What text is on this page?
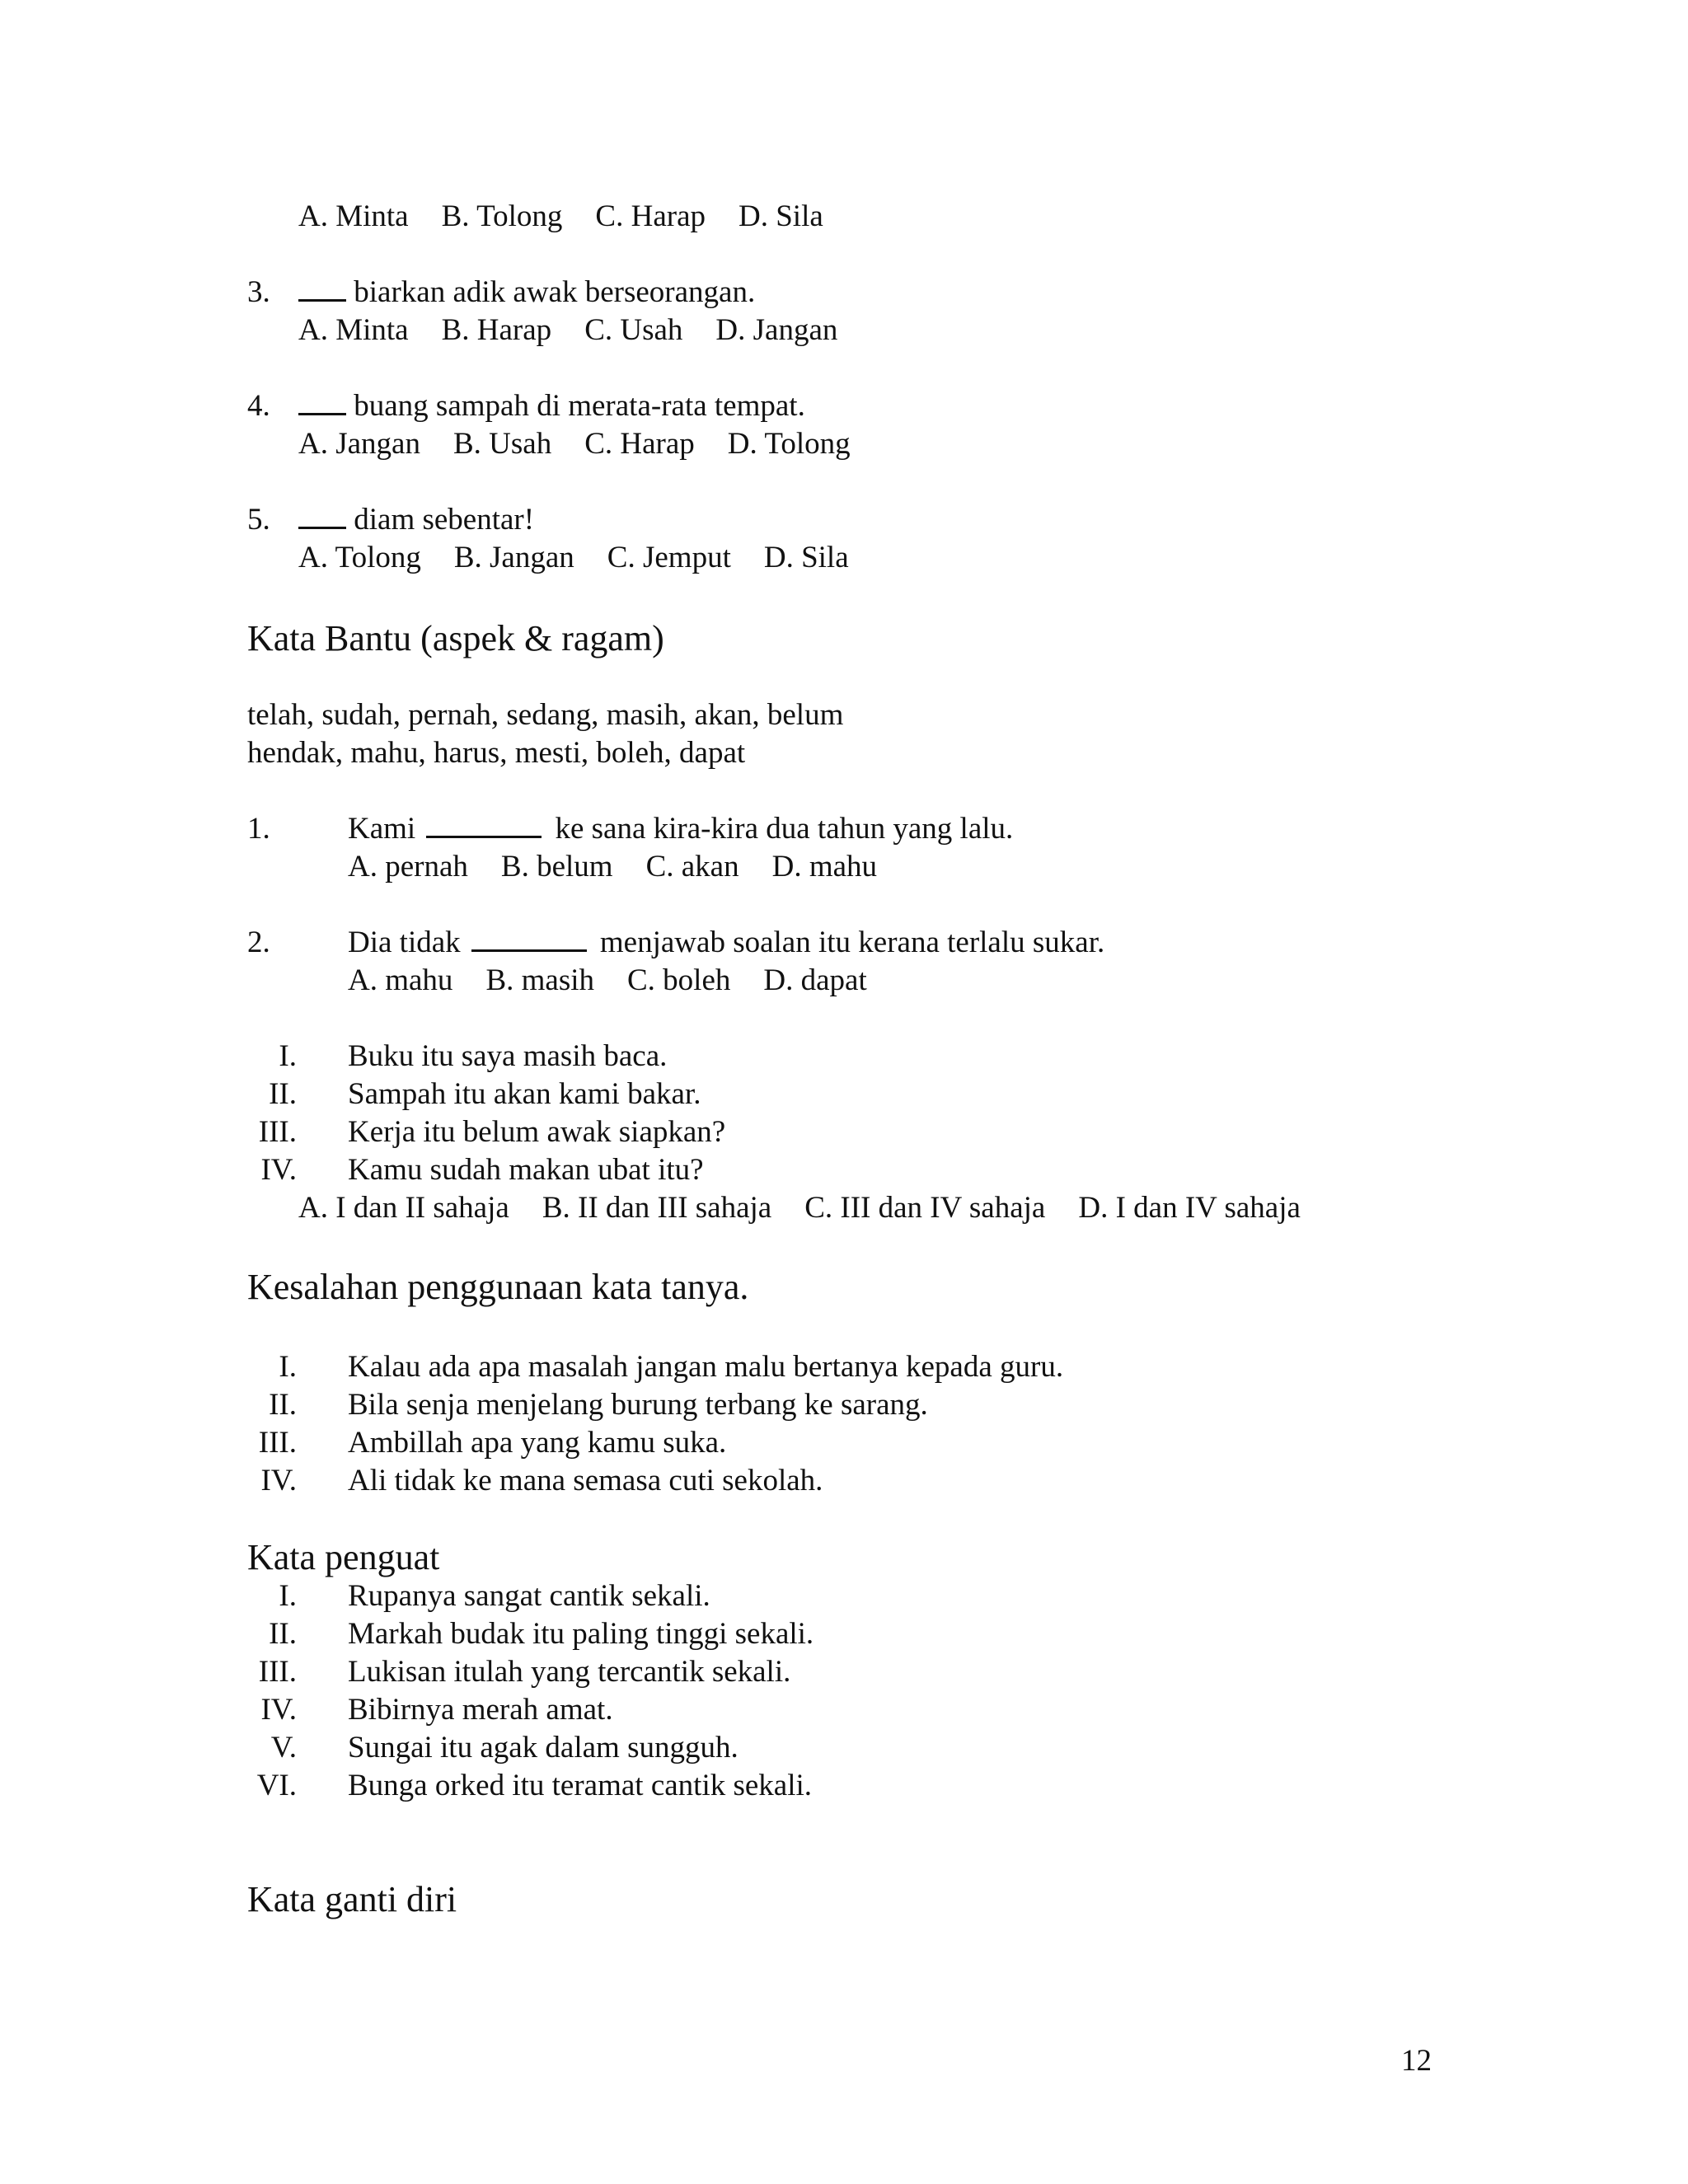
A. Minta B. Tolong C. Harap D. Sila
3.	biarkan adik awak berseorangan.
A. Minta B. Harap C. Usah D. Jangan
4.	buang sampah di merata-rata tempat.
A. Jangan B. Usah C. Harap D. Tolong
5.	diam sebentar!
A. Tolong B. Jangan C. Jemput D. Sila
Kata Bantu (aspek & ragam)
telah, sudah, pernah, sedang, masih, akan, belum
hendak, mahu, harus, mesti, boleh, dapat
1.	Kami	ke sana kira-kira dua tahun yang lalu.
A. pernah B. belum C. akan D. mahu
2.	Dia tidak	menjawab soalan itu kerana terlalu sukar.
A. mahu B. masih C. boleh D. dapat
I. Buku itu saya masih baca.
II. Sampah itu akan kami bakar.
III. Kerja itu belum awak siapkan?
IV. Kamu sudah makan ubat itu?
A. I dan II sahaja B. II dan III sahaja C. III dan IV sahaja D. I dan IV sahaja
Kesalahan penggunaan kata tanya.
I. Kalau ada apa masalah jangan malu bertanya kepada guru.
II. Bila senja menjelang burung terbang ke sarang.
III. Ambillah apa yang kamu suka.
IV. Ali tidak ke mana semasa cuti sekolah.
Kata penguat
I. Rupanya sangat cantik sekali.
II. Markah budak itu paling tinggi sekali.
III. Lukisan itulah yang tercantik sekali.
IV. Bibirnya merah amat.
V. Sungai itu agak dalam sungguh.
VI. Bunga orked itu teramat cantik sekali.
Kata ganti diri
12
